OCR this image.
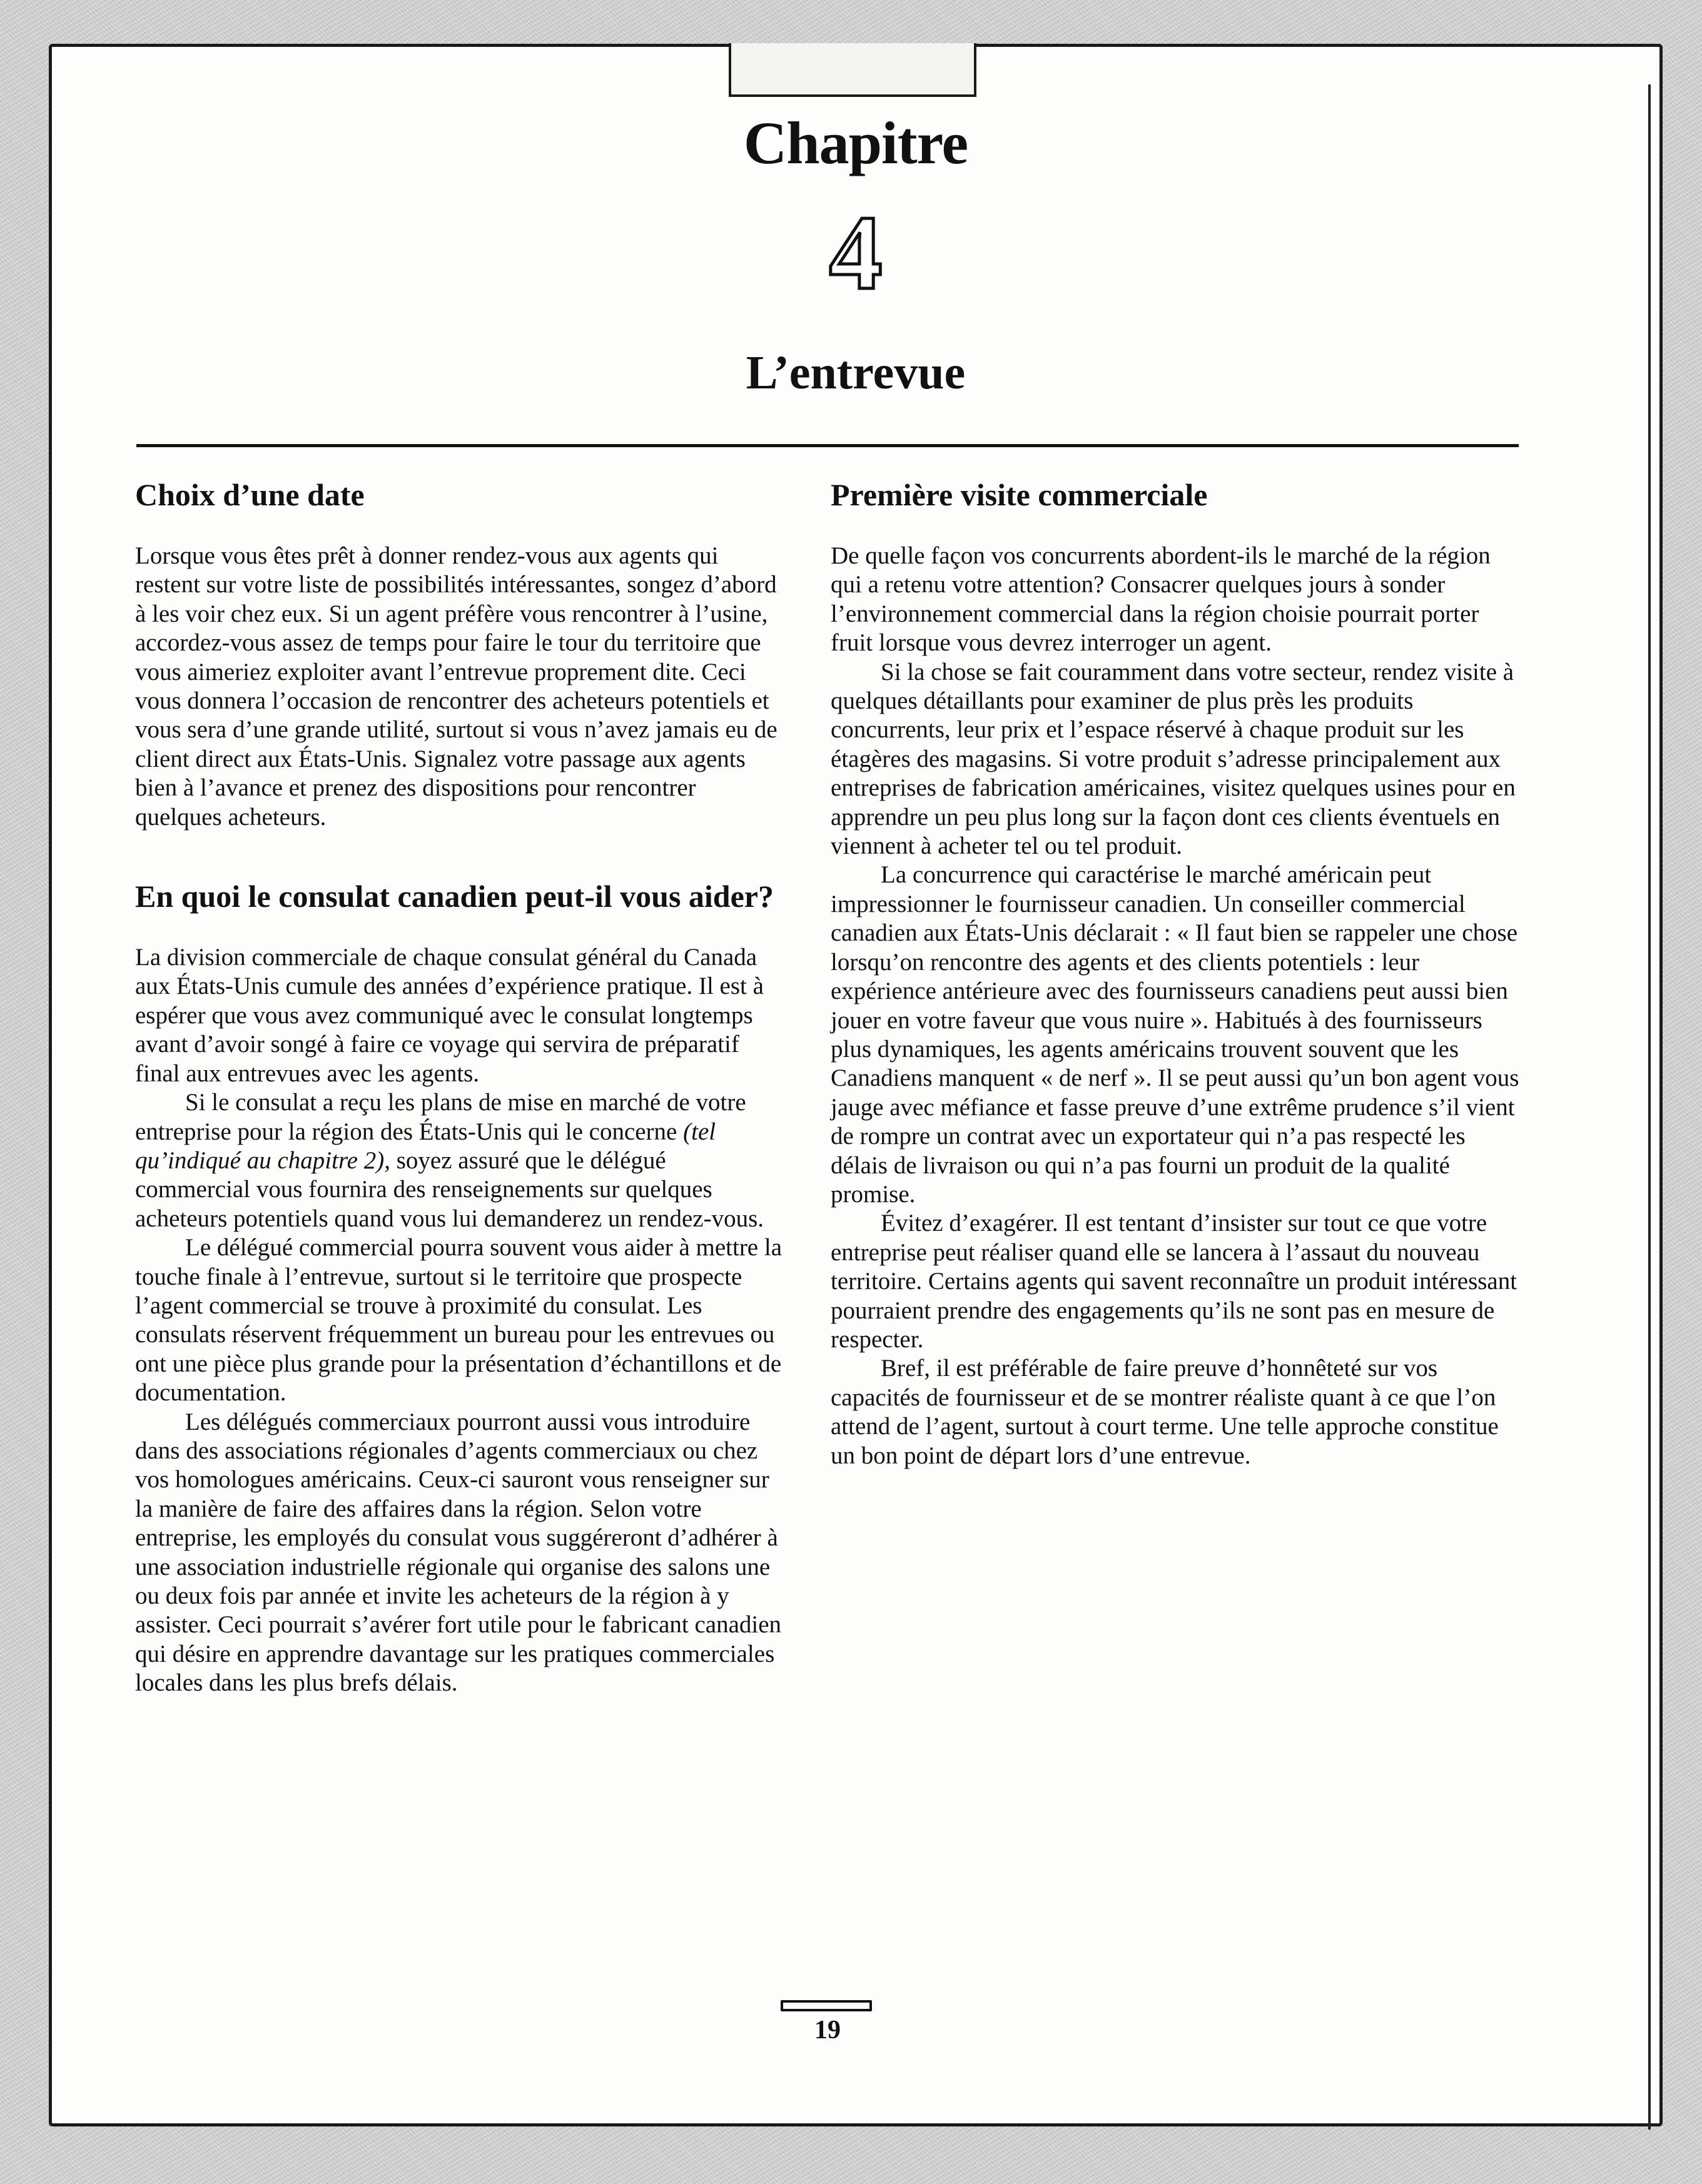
Chapitre
4
L’entrevue
Choix d’une date

Lorsque vous êtes prêt à donner rendez-vous aux agents qui restent sur votre liste de possibilités intéressantes, songez d’abord à les voir chez eux. Si un agent préfère vous rencontrer à l’usine, accordez-vous assez de temps pour faire le tour du territoire que vous aimeriez exploiter avant l’entrevue proprement dite. Ceci vous donnera l’occasion de rencontrer des acheteurs potentiels et vous sera d’une grande utilité, surtout si vous n’avez jamais eu de client direct aux États-Unis. Signalez votre passage aux agents bien à l’avance et prenez des dispositions pour rencontrer quelques acheteurs.

En quoi le consulat canadien peut-il vous aider?

La division commerciale de chaque consulat général du Canada aux États-Unis cumule des années d’expérience pratique. Il est à espérer que vous avez communiqué avec le consulat longtemps avant d’avoir songé à faire ce voyage qui servira de préparatif final aux entrevues avec les agents.

Si le consulat a reçu les plans de mise en marché de votre entreprise pour la région des États-Unis qui le concerne (tel qu’indiqué au chapitre 2), soyez assuré que le délégué commercial vous fournira des renseignements sur quelques acheteurs potentiels quand vous lui demanderez un rendez-vous.

Le délégué commercial pourra souvent vous aider à mettre la touche finale à l’entrevue, surtout si le territoire que prospecte l’agent commercial se trouve à proximité du consulat. Les consulats réservent fréquemment un bureau pour les entrevues ou ont une pièce plus grande pour la présentation d’échantillons et de documentation.

Les délégués commerciaux pourront aussi vous introduire dans des associations régionales d’agents commerciaux ou chez vos homologues américains. Ceux-ci sauront vous renseigner sur la manière de faire des affaires dans la région. Selon votre entreprise, les employés du consulat vous suggéreront d’adhérer à une association industrielle régionale qui organise des salons une ou deux fois par année et invite les acheteurs de la région à y assister. Ceci pourrait s’avérer fort utile pour le fabricant canadien qui désire en apprendre davantage sur les pratiques commerciales locales dans les plus brefs délais.

Première visite commerciale

De quelle façon vos concurrents abordent-ils le marché de la région qui a retenu votre attention? Consacrer quelques jours à sonder l’environnement commercial dans la région choisie pourrait porter fruit lorsque vous devrez interroger un agent.

Si la chose se fait couramment dans votre secteur, rendez visite à quelques détaillants pour examiner de plus près les produits concurrents, leur prix et l’espace réservé à chaque produit sur les étagères des magasins. Si votre produit s’adresse principalement aux entreprises de fabrication américaines, visitez quelques usines pour en apprendre un peu plus long sur la façon dont ces clients éventuels en viennent à acheter tel ou tel produit.

La concurrence qui caractérise le marché américain peut impressionner le fournisseur canadien. Un conseiller commercial canadien aux États-Unis déclarait : « Il faut bien se rappeler une chose lorsqu’on rencontre des agents et des clients potentiels : leur expérience antérieure avec des fournisseurs canadiens peut aussi bien jouer en votre faveur que vous nuire ». Habitués à des fournisseurs plus dynamiques, les agents américains trouvent souvent que les Canadiens manquent « de nerf ». Il se peut aussi qu’un bon agent vous jauge avec méfiance et fasse preuve d’une extrême prudence s’il vient de rompre un contrat avec un exportateur qui n’a pas respecté les délais de livraison ou qui n’a pas fourni un produit de la qualité promise.

Évitez d’exagérer. Il est tentant d’insister sur tout ce que votre entreprise peut réaliser quand elle se lancera à l’assaut du nouveau territoire. Certains agents qui savent reconnaître un produit intéressant pourraient prendre des engagements qu’ils ne sont pas en mesure de respecter.

Bref, il est préférable de faire preuve d’honnêteté sur vos capacités de fournisseur et de se montrer réaliste quant à ce que l’on attend de l’agent, surtout à court terme. Une telle approche constitue un bon point de départ lors d’une entrevue.

19
